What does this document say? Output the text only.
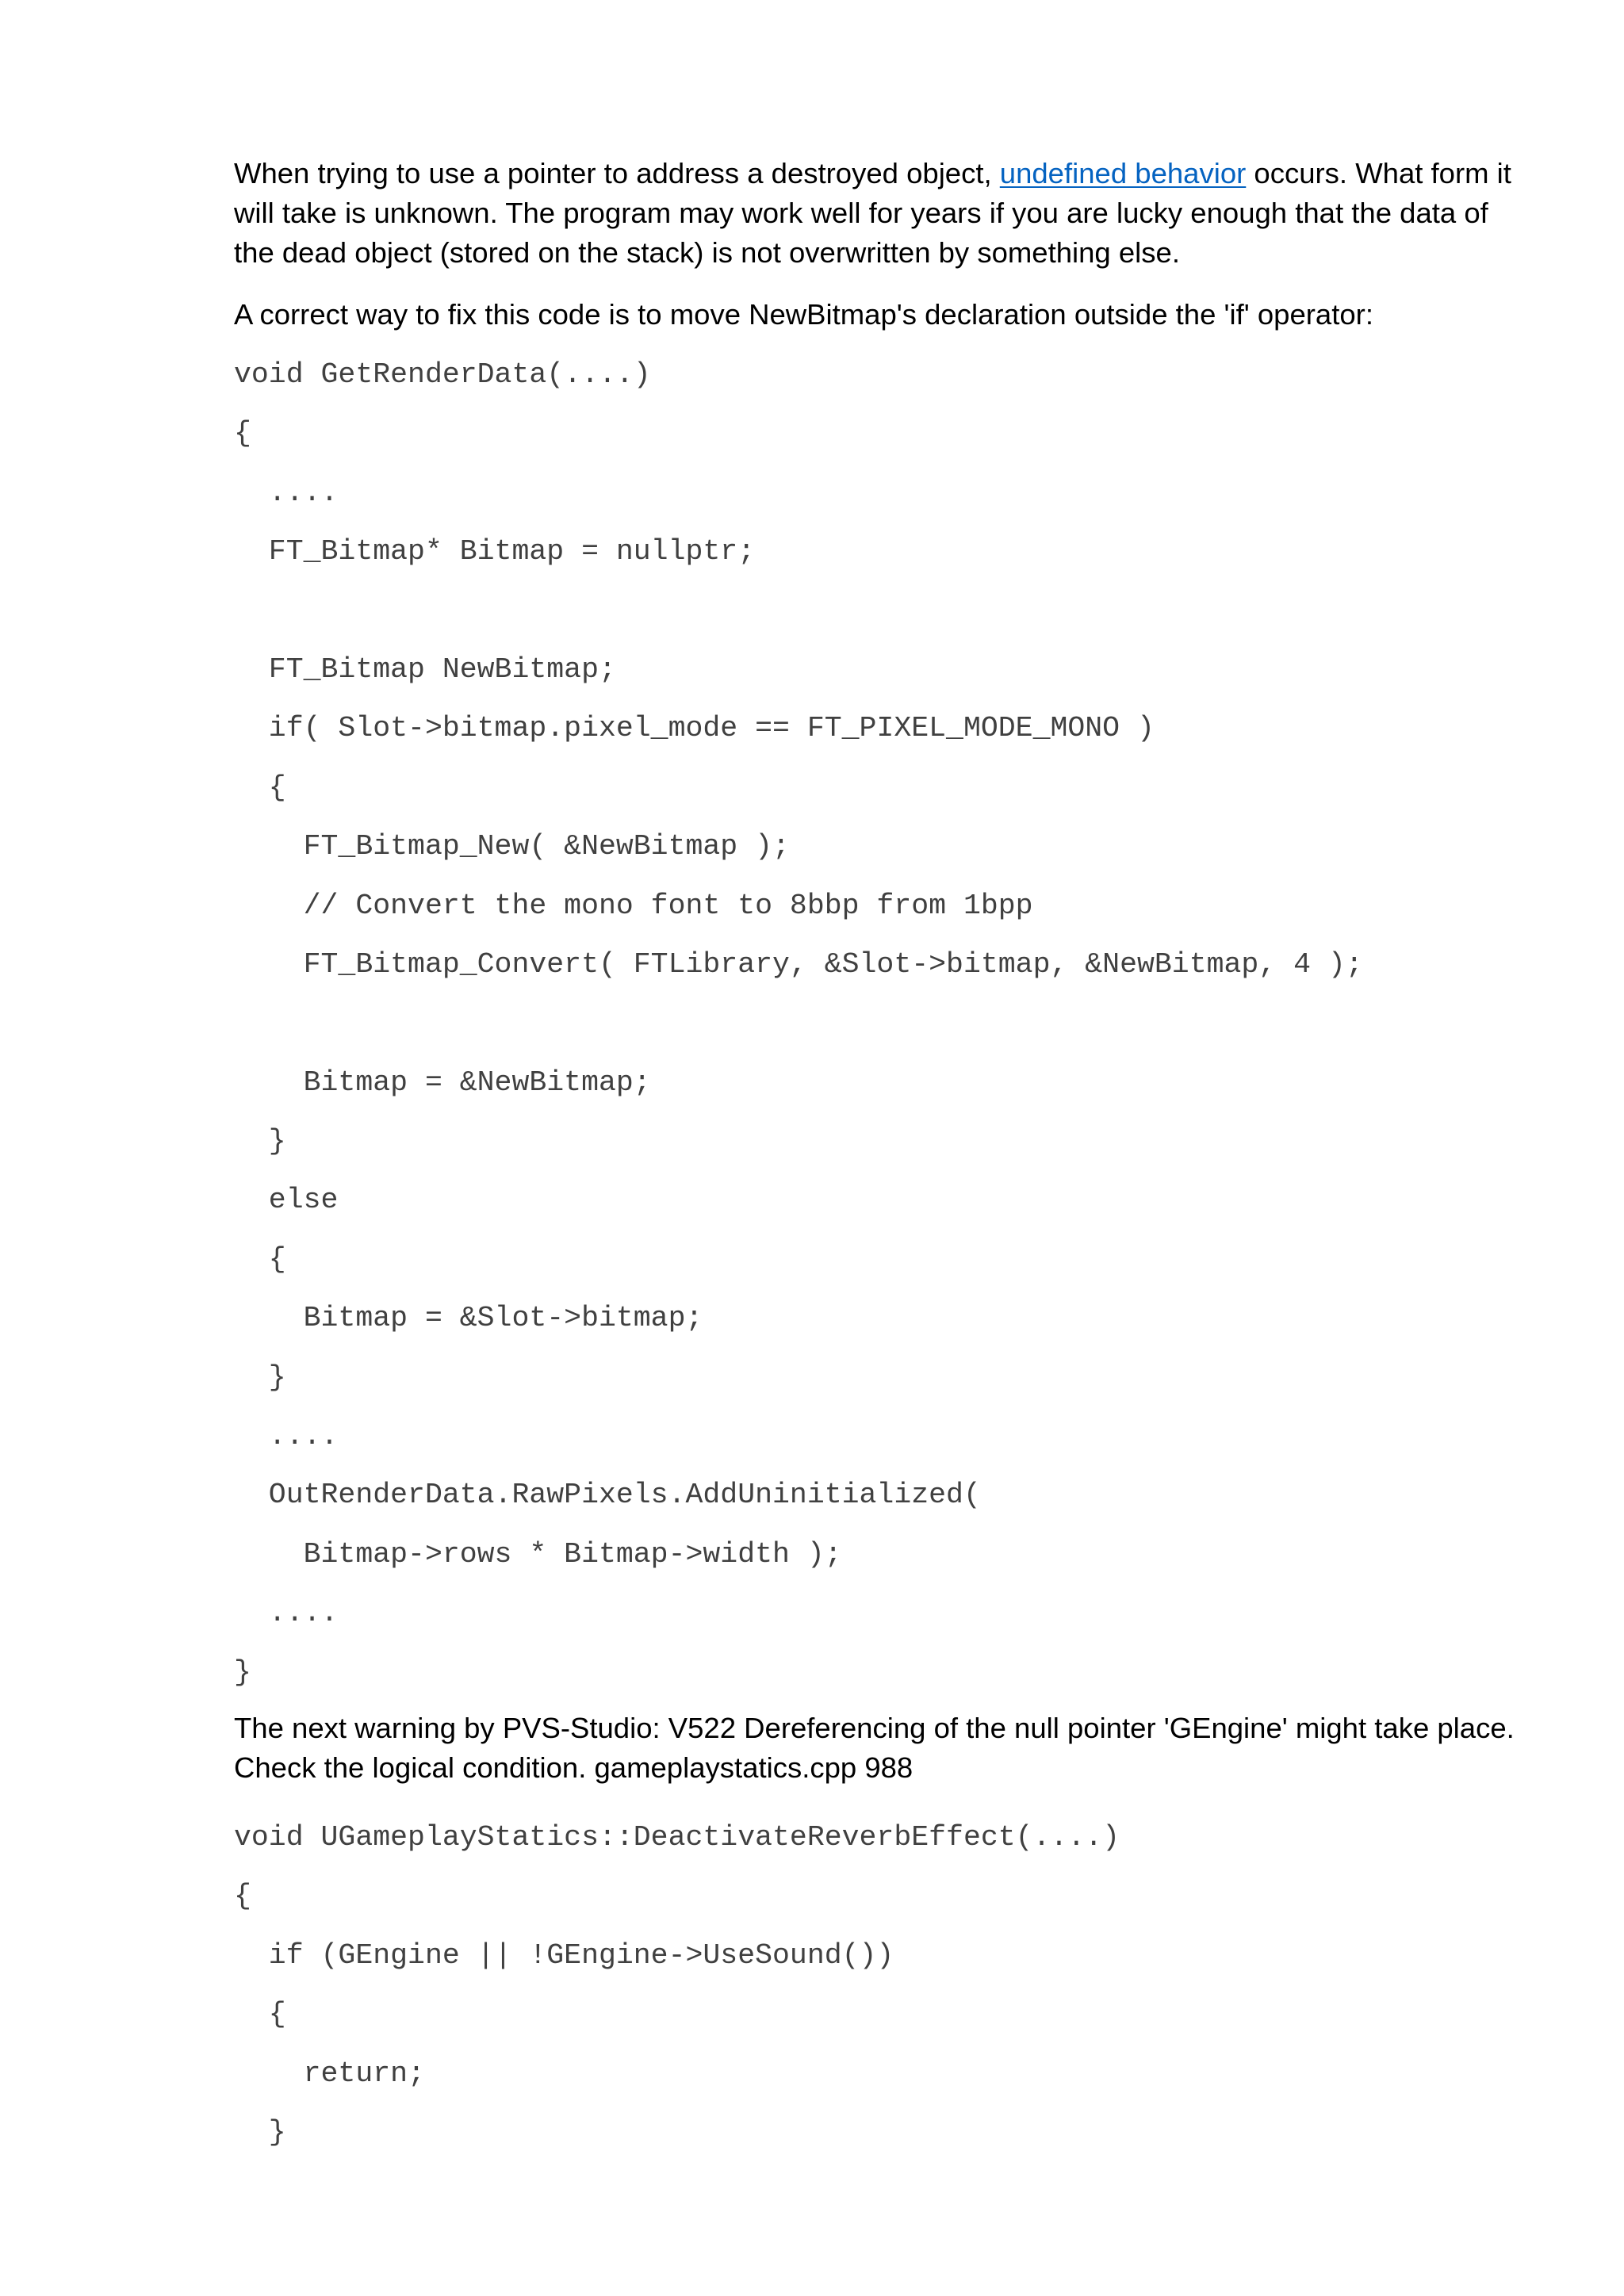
When trying to use a pointer to address a destroyed object, undefined behavior occurs. What form it will take is unknown. The program may work well for years if you are lucky enough that the data of the dead object (stored on the stack) is not overwritten by something else.

A correct way to fix this code is to move NewBitmap's declaration outside the 'if' operator:

void GetRenderData(....)
{
....
FT_Bitmap* Bitmap = nullptr;
FT_Bitmap NewBitmap;
if( Slot->bitmap.pixel_mode == FT_PIXEL_MODE_MONO )
{
FT_Bitmap_New( &NewBitmap );
// Convert the mono font to 8bbp from 1bpp
FT_Bitmap_Convert( FTLibrary, &Slot->bitmap, &NewBitmap, 4 );
Bitmap = &NewBitmap;
}
else
{
Bitmap = &Slot->bitmap;
}
....
OutRenderData.RawPixels.AddUninitialized(
Bitmap->rows * Bitmap->width );
....
}

The next warning by PVS-Studio: V522 Dereferencing of the null pointer 'GEngine' might take place. Check the logical condition. gameplaystatics.cpp 988

void UGameplayStatics::DeactivateReverbEffect(....)
{
if (GEngine || !GEngine->UseSound())
{
return;
}
